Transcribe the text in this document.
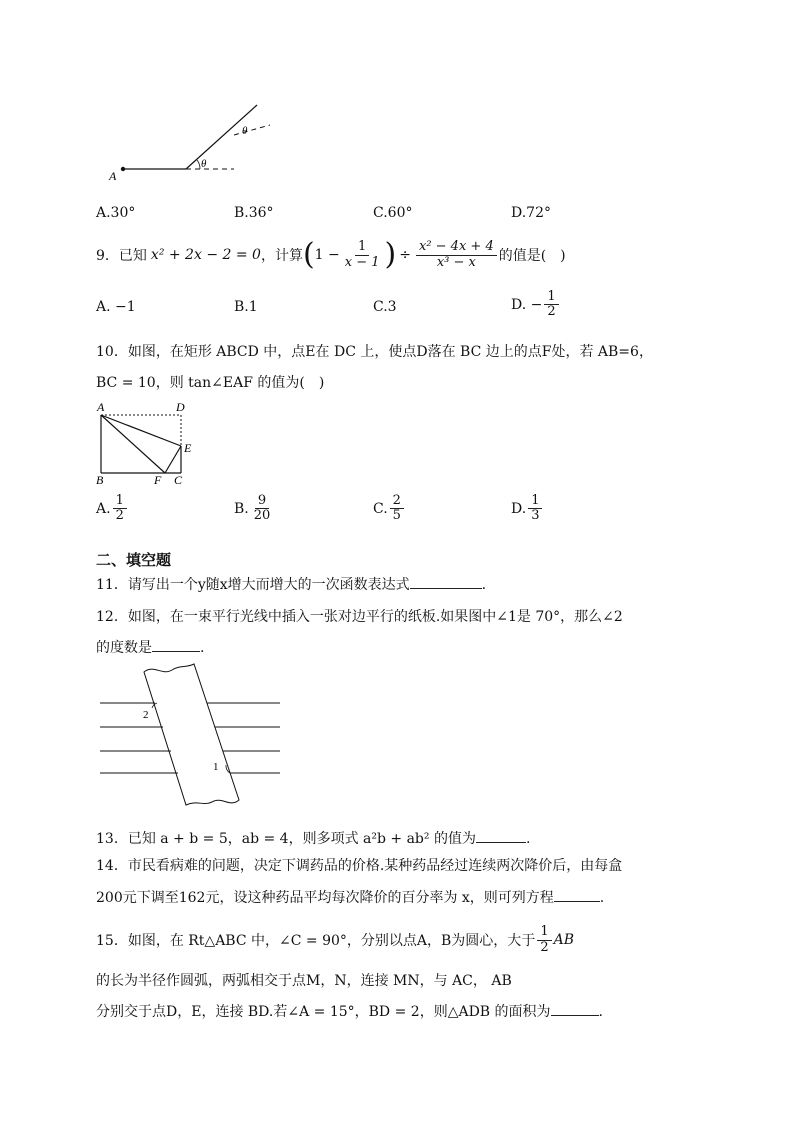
A
θ
θ
A.30°	B.36°	C.60°	D.72°
9．已知 x² + 2x − 2 = 0 ，计算 ( $1 - \frac{1}{x - 1}$ ) ÷ $\frac{\text{x² − 4x + 4}}{\text{x³ − x}}$ 的值是(　)
A. −1	B.1	C.3	D. − $\frac{1}{2}$
10．如图，在矩形 ABCD 中，点E在 DC 上，使点D落在 BC 边上的点F处，若 AB=6，
BC = 10，则 tan∠EAF 的值为(　)
A	D
E
B	F C
A. $\frac{1}{2}$	B. $\frac{9}{20}$	C. $\frac{2}{5}$	D. $\frac{1}{3}$
二、填空题
11．请写出一个y随x增大而增大的一次函数表达式	.
12．如图，在一束平行光线中插入一张对边平行的纸板.如果图中∠1是 70°，那么∠2
的度数是	.
2
1
13．已知 a + b = 5，ab = 4，则多项式 a²b + ab² 的值为	.
14．市民看病难的问题，决定下调药品的价格.某种药品经过连续两次降价后，由每盒
200元下调至162元，设这种药品平均每次降价的百分率为 x，则可列方程	.
15．如图，在 Rt△ABC 中，∠C = 90°，分别以点A，B为圆心，大于 $\frac{1}{2}$ AB
的长为半径作圆弧，两弧相交于点M，N，连接 MN，与 AC， AB
分别交于点D，E，连接 BD.若∠A = 15°，BD = 2，则△ADB 的面积为	.
